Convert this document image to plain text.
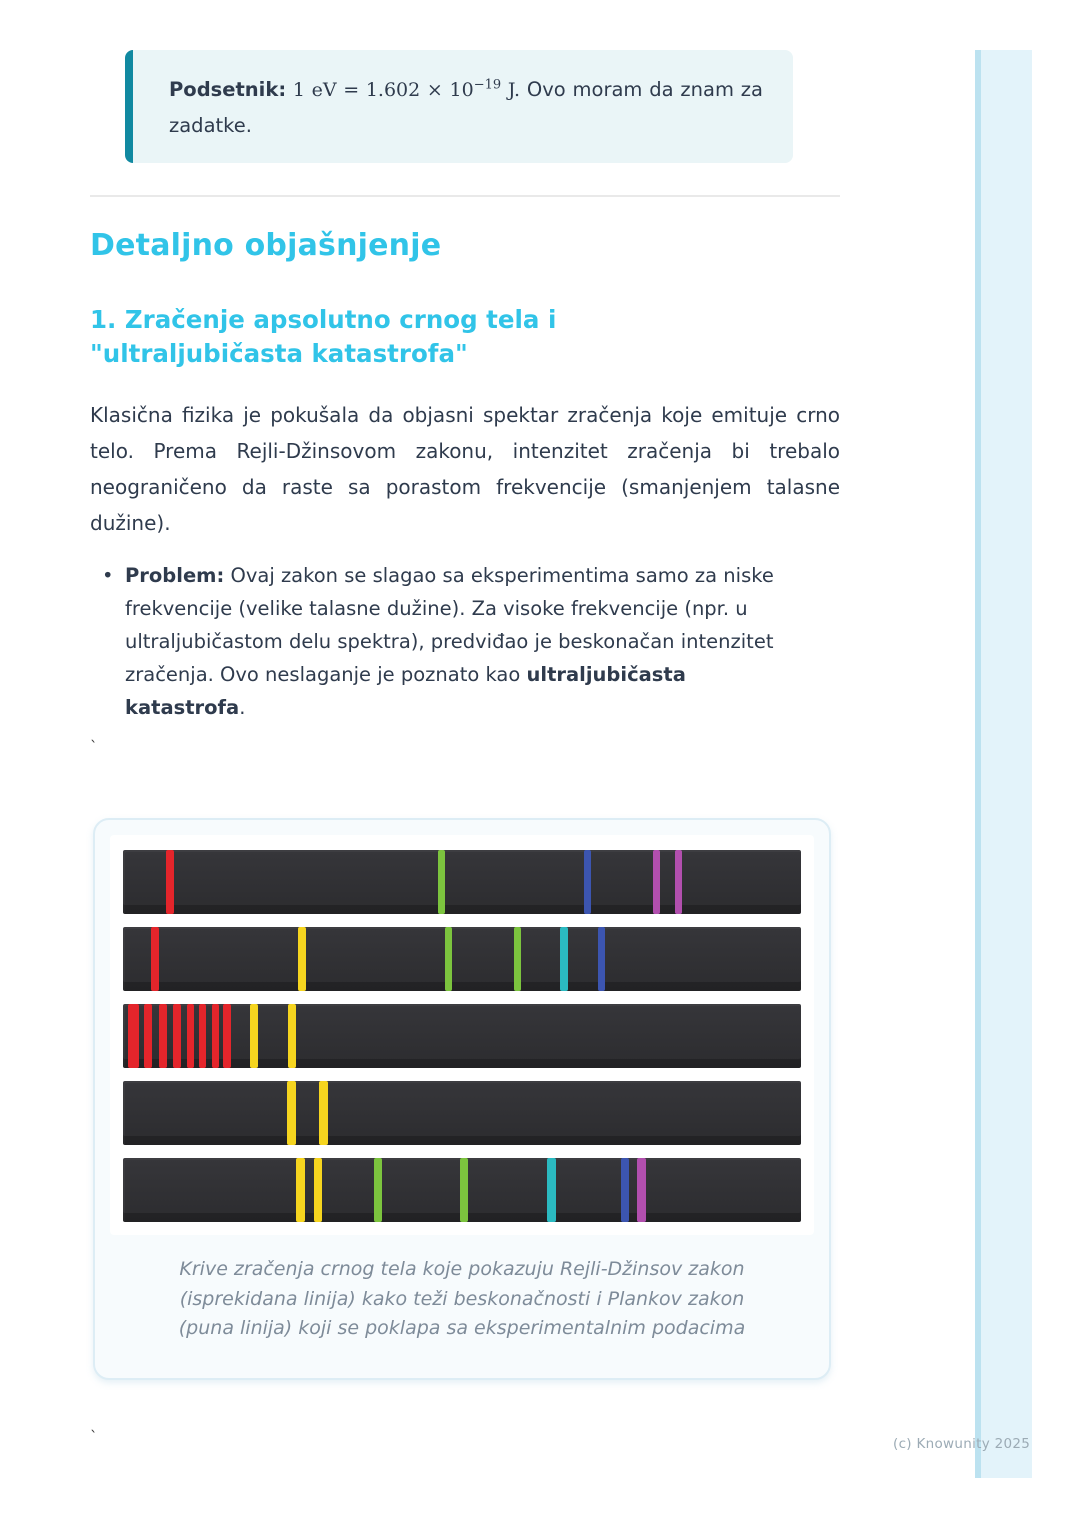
Podsetnik: 1 eV = $1.602 \times 10^{-19}$ J. Ovo moram da znam za zadatke.
Detaljno objašnjenje
1. Zračenje apsolutno crnog tela i "ultraljubičasta katastrofa"

Klasična fizika je pokušala da objasni spektar zračenja koje emituje crno telo. Prema Rejli-Džinsovom zakonu, intenzitet zračenja bi trebalo neograničeno da raste sa porastom frekvencije (smanjenjem talasne dužine).

• Problem: Ovaj zakon se slagao sa eksperimentima samo za niske frekvencije (velike talasne dužine). Za visoke frekvencije (npr. u ultraljubičastom delu spektra), predviđao je beskonačan intenzitet zračenja. Ovo neslaganje je poznato kao ultraljubičasta katastrofa.
`
Krive zračenja crnog tela koje pokazuju Rejli-Džinsov zakon (isprekidana linija) kako teži beskonačnosti i Plankov zakon (puna linija) koji se poklapa sa eksperimentalnim podacima
`	(c) Knowunity 2025
